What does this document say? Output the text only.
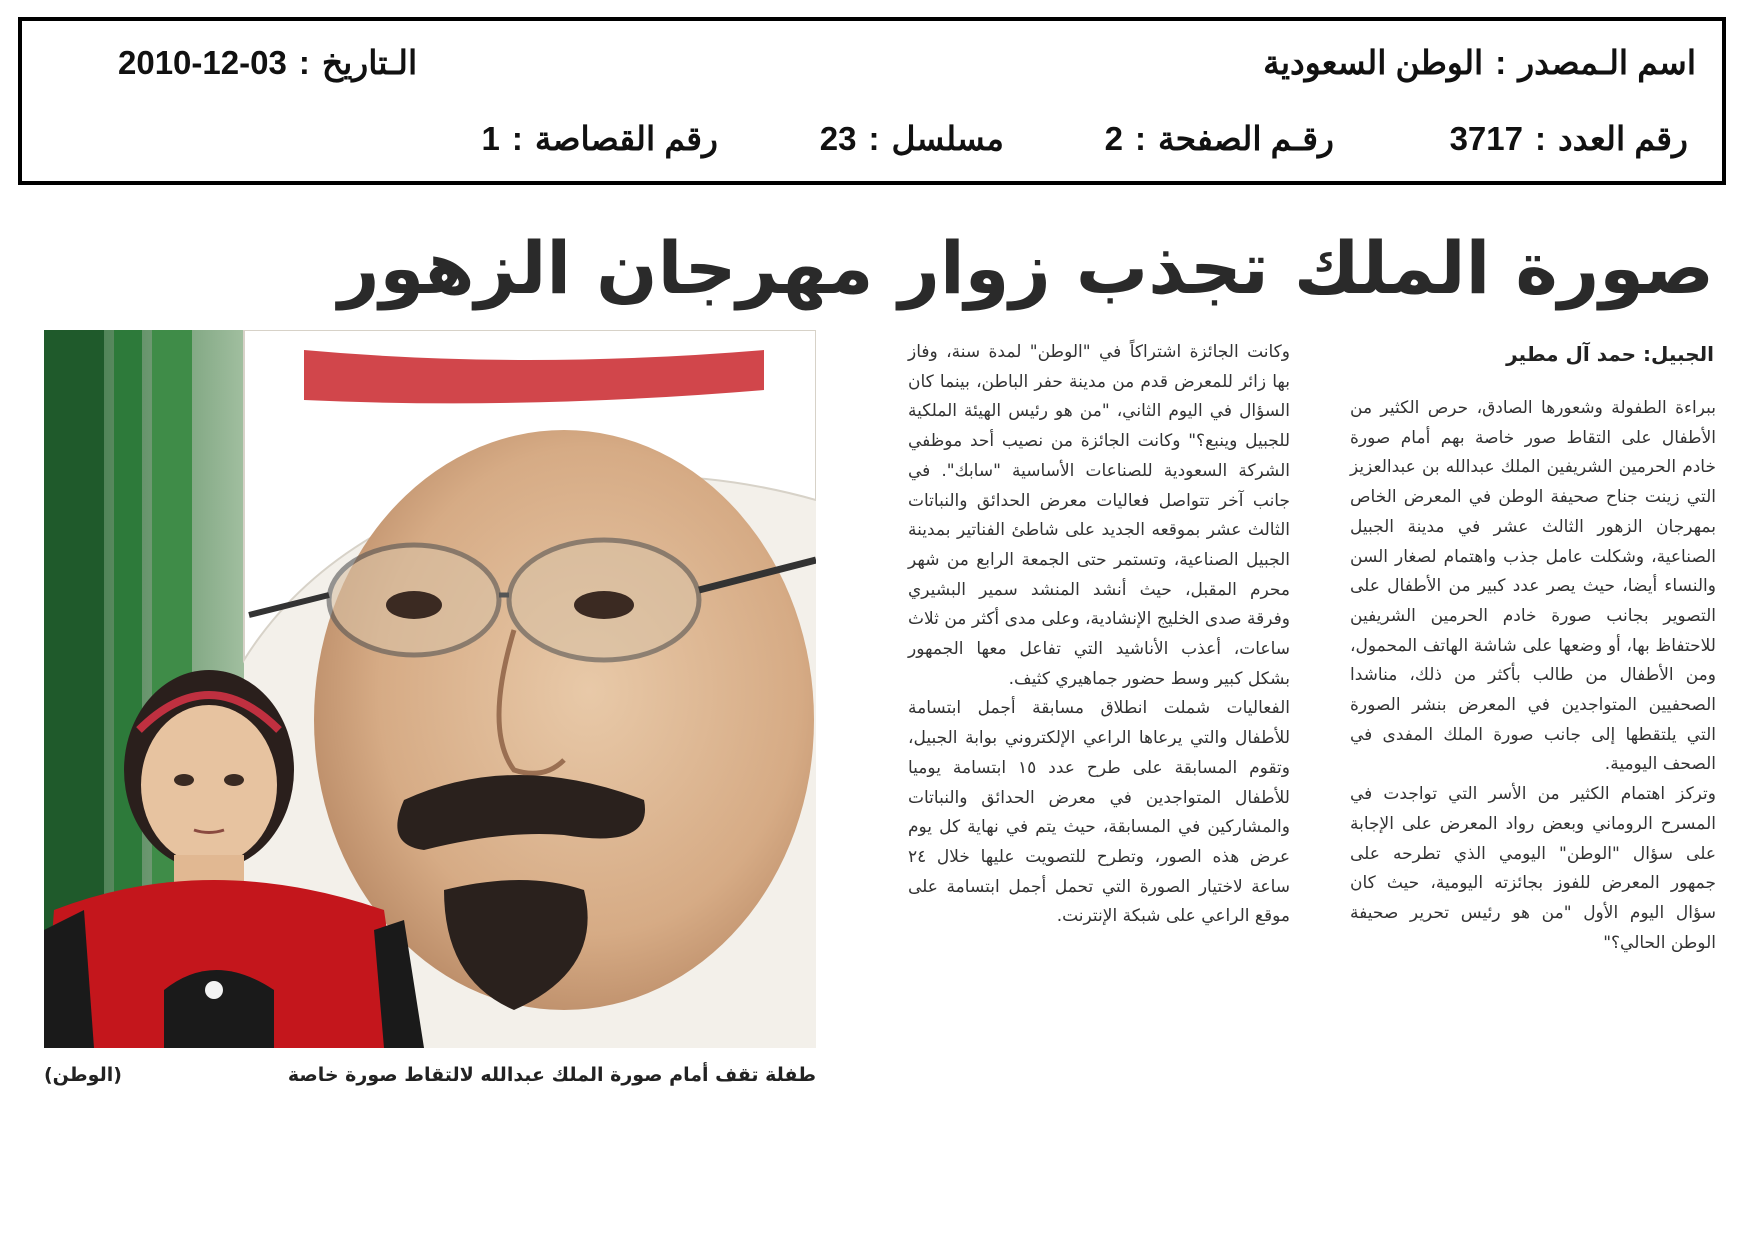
اسم الـمصدر:الوطن السعودية
الـتاريخ:2010-12-03
رقم العدد:3717
رقـم الصفحة:2
مسلسل:23
رقم القصاصة:1
صورة الملك تجذب زوار مهرجان الزهور
الجبيل: حمد آل مطير

ببراءة الطفولة وشعورها الصادق، حرص الكثير من الأطفال على التقاط صور خاصة بهم أمام صورة خادم الحرمين الشريفين الملك عبدالله بن عبدالعزيز التي زينت جناح صحيفة الوطن في المعرض الخاص بمهرجان الزهور الثالث عشر في مدينة الجبيل الصناعية، وشكلت عامل جذب واهتمام لصغار السن والنساء أيضا، حيث يصر عدد كبير من الأطفال على التصوير بجانب صورة خادم الحرمين الشريفين للاحتفاظ بها، أو وضعها على شاشة الهاتف المحمول، ومن الأطفال من طالب بأكثر من ذلك، مناشدا الصحفيين المتواجدين في المعرض بنشر الصورة التي يلتقطها إلى جانب صورة الملك المفدى في الصحف اليومية.

وتركز اهتمام الكثير من الأسر التي تواجدت في المسرح الروماني وبعض رواد المعرض على الإجابة على سؤال "الوطن" اليومي الذي تطرحه على جمهور المعرض للفوز بجائزته اليومية، حيث كان سؤال اليوم الأول "من هو رئيس تحرير صحيفة الوطن الحالي؟"

وكانت الجائزة اشتراكاً في "الوطن" لمدة سنة، وفاز بها زائر للمعرض قدم من مدينة حفر الباطن، بينما كان السؤال في اليوم الثاني، "من هو رئيس الهيئة الملكية للجبيل وينبع؟" وكانت الجائزة من نصيب أحد موظفي الشركة السعودية للصناعات الأساسية "سابك". في جانب آخر تتواصل فعاليات معرض الحدائق والنباتات الثالث عشر بموقعه الجديد على شاطئ الفناتير بمدينة الجبيل الصناعية، وتستمر حتى الجمعة الرابع من شهر محرم المقبل، حيث أنشد المنشد سمير البشيري وفرقة صدى الخليج الإنشادية، وعلى مدى أكثر من ثلاث ساعات، أعذب الأناشيد التي تفاعل معها الجمهور بشكل كبير وسط حضور جماهيري كثيف.

الفعاليات شملت انطلاق مسابقة أجمل ابتسامة للأطفال والتي يرعاها الراعي الإلكتروني بوابة الجبيل، وتقوم المسابقة على طرح عدد ١٥ ابتسامة يوميا للأطفال المتواجدين في معرض الحدائق والنباتات والمشاركين في المسابقة، حيث يتم في نهاية كل يوم عرض هذه الصور، وتطرح للتصويت عليها خلال ٢٤ ساعة لاختيار الصورة التي تحمل أجمل ابتسامة على موقع الراعي على شبكة الإنترنت.

طفلة تقف أمام صورة الملك عبدالله لالتقاط صورة خاصة
(الوطن)
